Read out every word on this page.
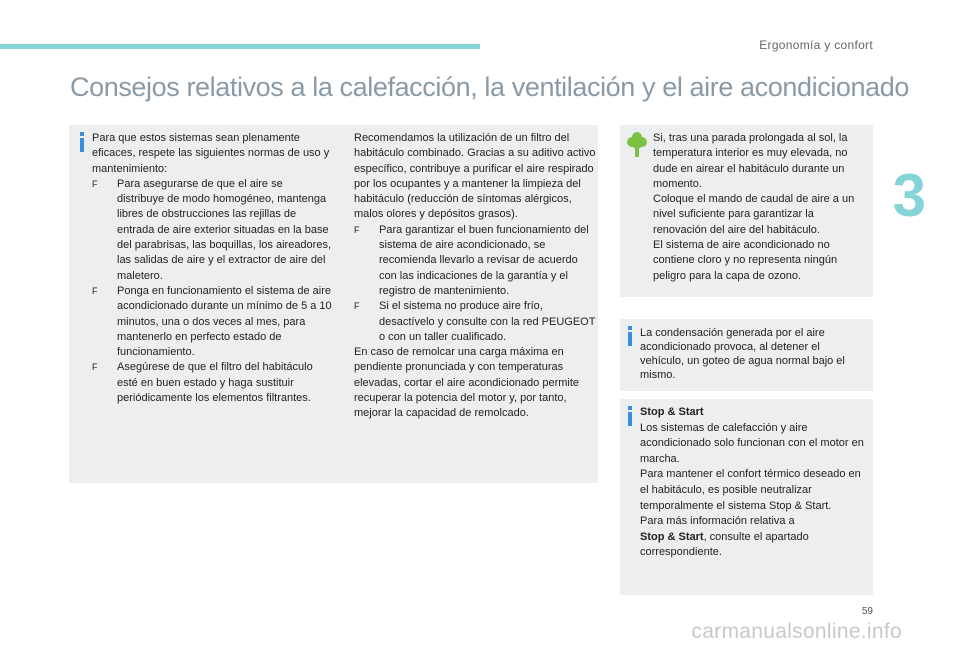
Ergonomía y confort
Consejos relativos a la calefacción, la ventilación y el aire acondicionado
3

Para que estos sistemas sean plenamente eficaces, respete las siguientes normas de uso y mantenimiento:

F Para asegurarse de que el aire se distribuye de modo homogéneo, mantenga libres de obstrucciones las rejillas de entrada de aire exterior situadas en la base del parabrisas, las boquillas, los aireadores, las salidas de aire y el extractor de aire del maletero.

F Ponga en funcionamiento el sistema de aire acondicionado durante un mínimo de 5 a 10 minutos, una o dos veces al mes, para mantenerlo en perfecto estado de funcionamiento.

F Asegúrese de que el filtro del habitáculo esté en buen estado y haga sustituir periódicamente los elementos filtrantes.

Recomendamos la utilización de un filtro del habitáculo combinado. Gracias a su aditivo activo específico, contribuye a purificar el aire respirado por los ocupantes y a mantener la limpieza del habitáculo (reducción de síntomas alérgicos, malos olores y depósitos grasos).

F Para garantizar el buen funcionamiento del sistema de aire acondicionado, se recomienda llevarlo a revisar de acuerdo con las indicaciones de la garantía y el registro de mantenimiento.

F Si el sistema no produce aire frío, desactívelo y consulte con la red PEUGEOT o con un taller cualificado.

En caso de remolcar una carga máxima en pendiente pronunciada y con temperaturas elevadas, cortar el aire acondicionado permite recuperar la potencia del motor y, por tanto, mejorar la capacidad de remolcado.

Si, tras una parada prolongada al sol, la temperatura interior es muy elevada, no dude en airear el habitáculo durante un momento.

Coloque el mando de caudal de aire a un nivel suficiente para garantizar la renovación del aire del habitáculo.

El sistema de aire acondicionado no contiene cloro y no representa ningún peligro para la capa de ozono.

La condensación generada por el aire acondicionado provoca, al detener el vehículo, un goteo de agua normal bajo el mismo.

Stop & Start

Los sistemas de calefacción y aire acondicionado solo funcionan con el motor en marcha.

Para mantener el confort térmico deseado en el habitáculo, es posible neutralizar temporalmente el sistema Stop & Start.

Para más información relativa a
Stop & Start, consulte el apartado correspondiente.

59
carmanualsonline.info
